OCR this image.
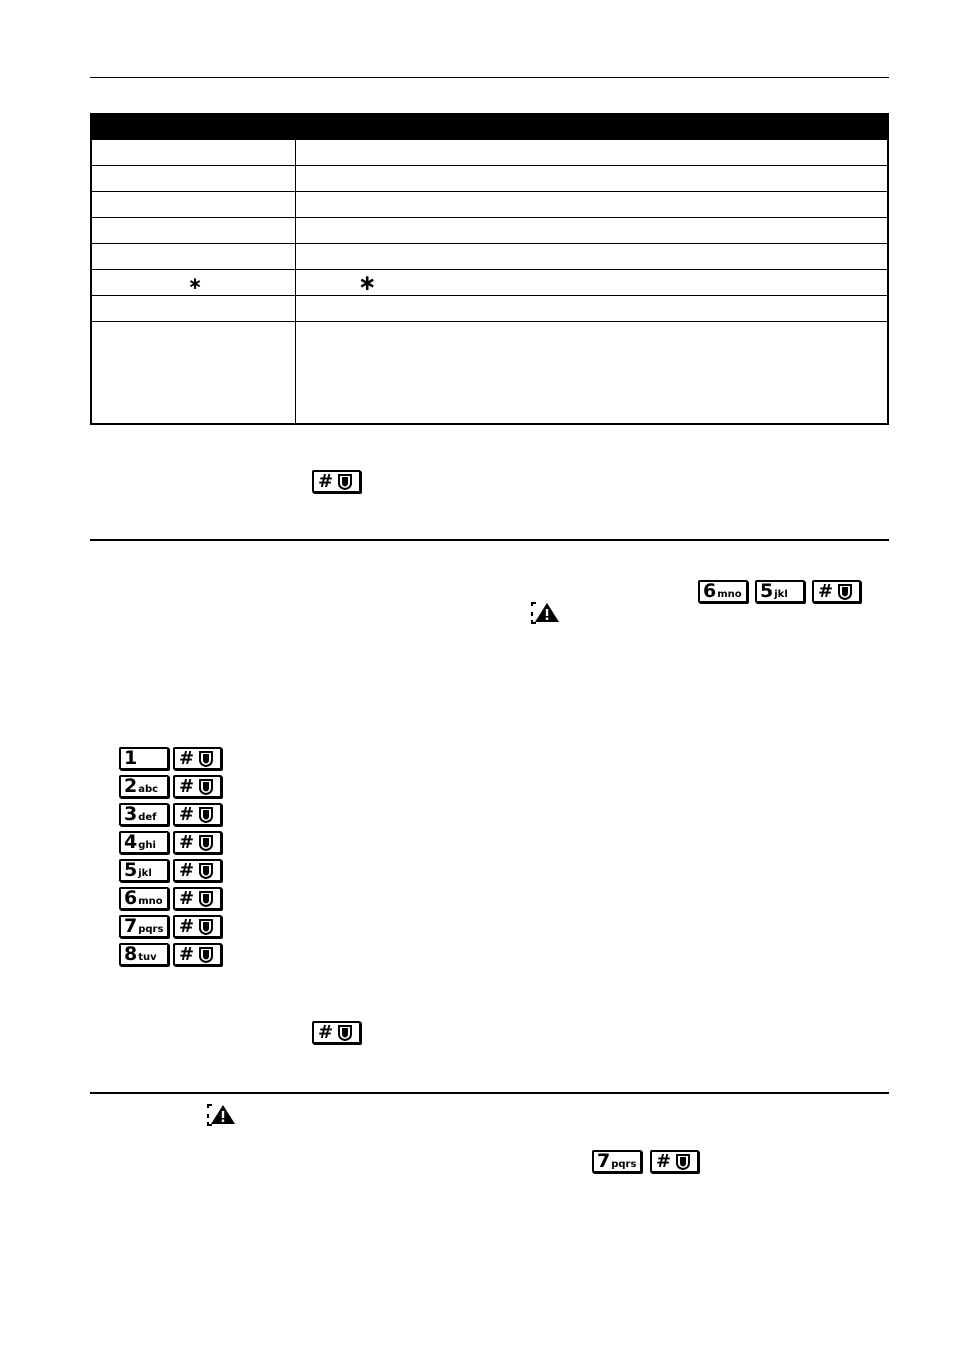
∗	∗
#
6 mno 5 jkl #
1 #
2 abc #
3 def #
4 ghi #
5 jkl #
6 mno #
7 pqrs #
8 tuv #
#
7 pqrs #
